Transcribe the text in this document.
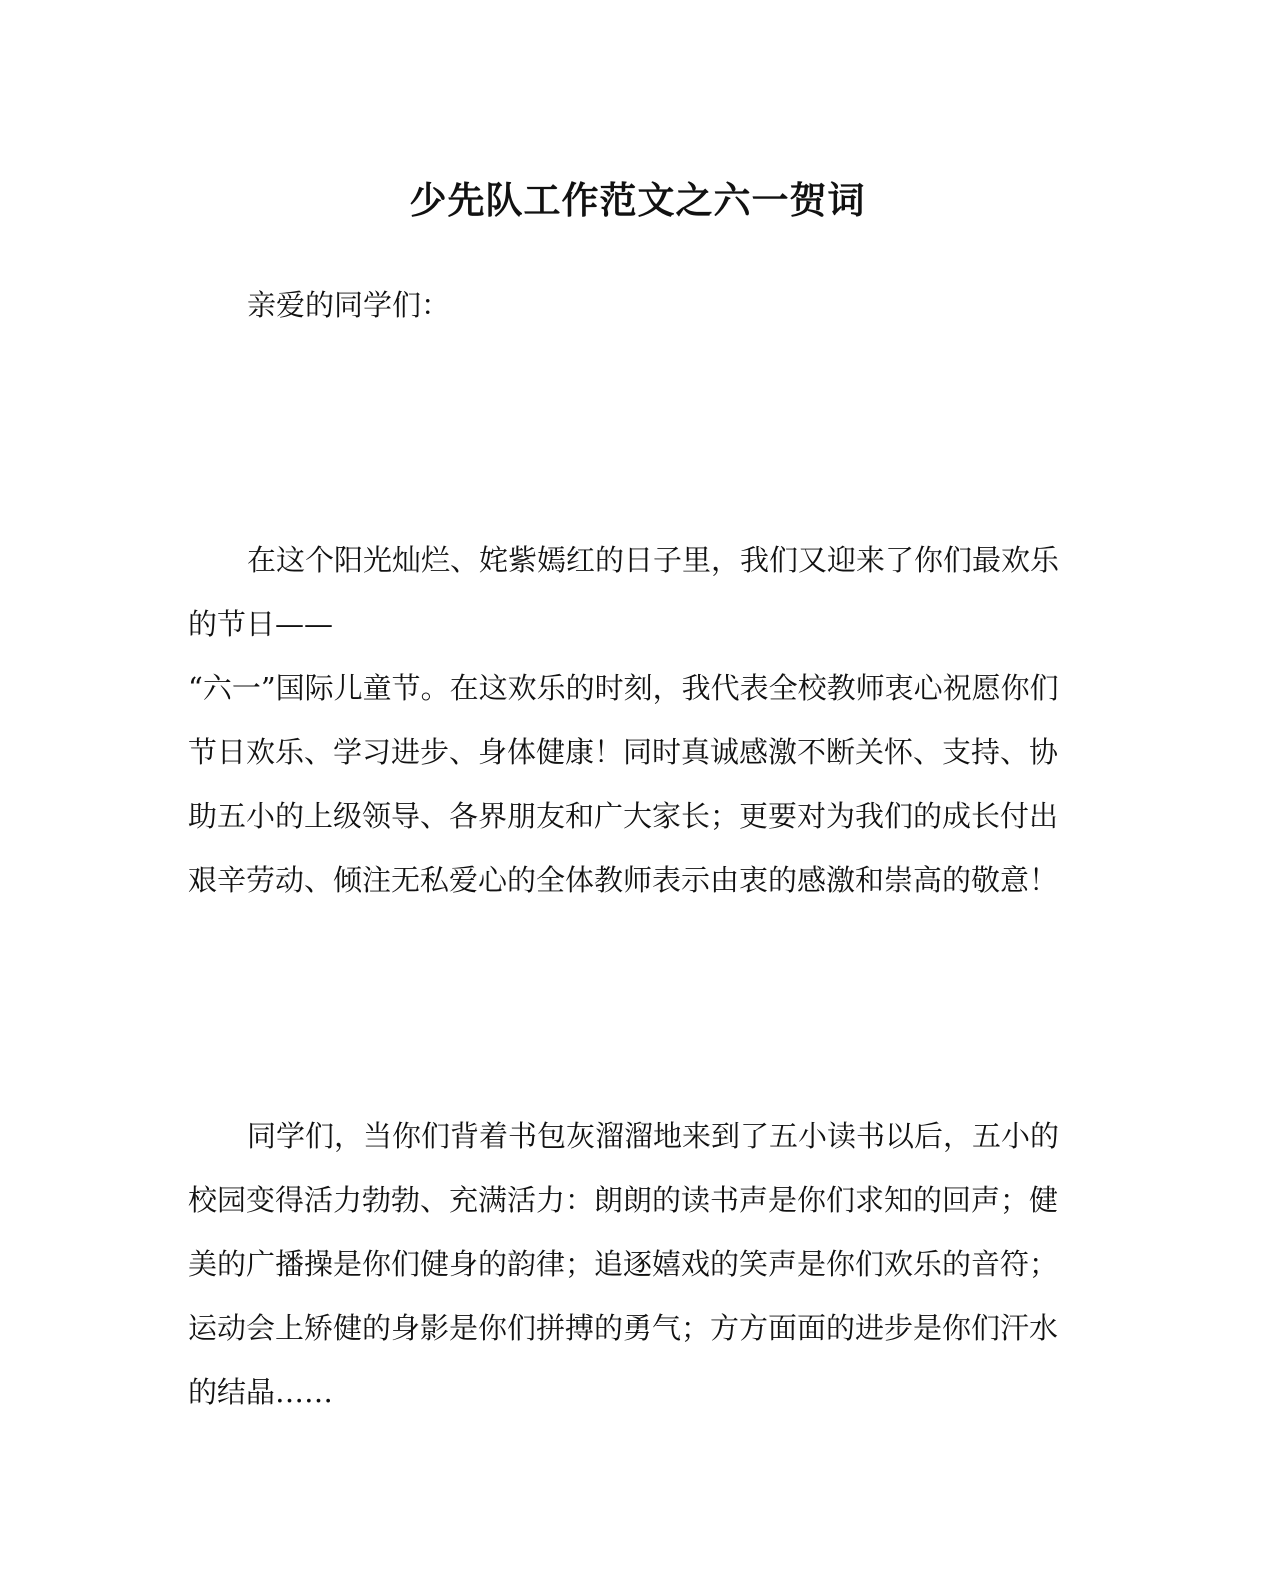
少先队工作范文之六一贺词
亲爱的同学们：
在这个阳光灿烂、姹紫嫣红的日子里，我们又迎来了你们最欢乐
的节日——
“六一”国际儿童节。在这欢乐的时刻，我代表全校教师衷心祝愿你们
节日欢乐、学习进步、身体健康！同时真诚感激不断关怀、支持、协
助五小的上级领导、各界朋友和广大家长；更要对为我们的成长付出
艰辛劳动、倾注无私爱心的全体教师表示由衷的感激和崇高的敬意！
同学们，当你们背着书包灰溜溜地来到了五小读书以后，五小的
校园变得活力勃勃、充满活力：朗朗的读书声是你们求知的回声；健
美的广播操是你们健身的韵律；追逐嬉戏的笑声是你们欢乐的音符；
运动会上矫健的身影是你们拼搏的勇气；方方面面的进步是你们汗水
的结晶……
